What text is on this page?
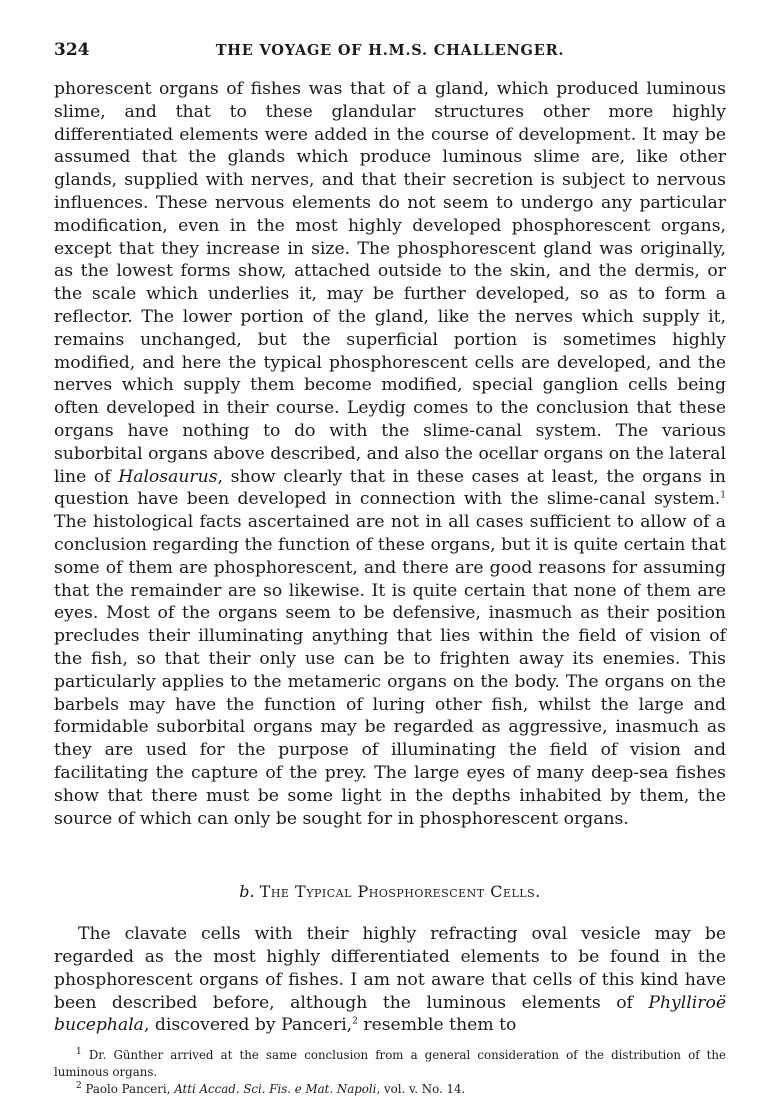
324	THE VOYAGE OF H.M.S. CHALLENGER.

phorescent organs of fishes was that of a gland, which produced luminous slime, and that to these glandular structures other more highly differentiated elements were added in the course of development. It may be assumed that the glands which produce luminous slime are, like other glands, supplied with nerves, and that their secretion is subject to nervous influences. These nervous elements do not seem to undergo any particular modification, even in the most highly developed phosphorescent organs, except that they increase in size. The phosphorescent gland was originally, as the lowest forms show, attached outside to the skin, and the dermis, or the scale which underlies it, may be further developed, so as to form a reflector. The lower portion of the gland, like the nerves which supply it, remains unchanged, but the superficial portion is sometimes highly modified, and here the typical phosphorescent cells are developed, and the nerves which supply them become modified, special ganglion cells being often developed in their course. Leydig comes to the conclusion that these organs have nothing to do with the slime-canal system. The various suborbital organs above described, and also the ocellar organs on the lateral line of Halosaurus, show clearly that in these cases at least, the organs in question have been developed in connection with the slime-canal system.$^1$ The histological facts ascertained are not in all cases sufficient to allow of a conclusion regarding the function of these organs, but it is quite certain that some of them are phosphorescent, and there are good reasons for assuming that the remainder are so likewise. It is quite certain that none of them are eyes. Most of the organs seem to be defensive, inasmuch as their position precludes their illuminating anything that lies within the field of vision of the fish, so that their only use can be to frighten away its enemies. This particularly applies to the metameric organs on the body. The organs on the barbels may have the function of luring other fish, whilst the large and formidable suborbital organs may be regarded as aggressive, inasmuch as they are used for the purpose of illuminating the field of vision and facilitating the capture of the prey. The large eyes of many deep-sea fishes show that there must be some light in the depths inhabited by them, the source of which can only be sought for in phosphorescent organs.

b. The Typical Phosphorescent Cells.

The clavate cells with their highly refracting oval vesicle may be regarded as the most highly differentiated elements to be found in the phosphorescent organs of fishes. I am not aware that cells of this kind have been described before, although the luminous elements of Phylliroë bucephala, discovered by Panceri,$^2$ resemble them to

$^1$ Dr. Günther arrived at the same conclusion from a general consideration of the distribution of the luminous organs.

$^2$ Paolo Panceri, Atti Accad. Sci. Fis. e Mat. Napoli, vol. v. No. 14.
